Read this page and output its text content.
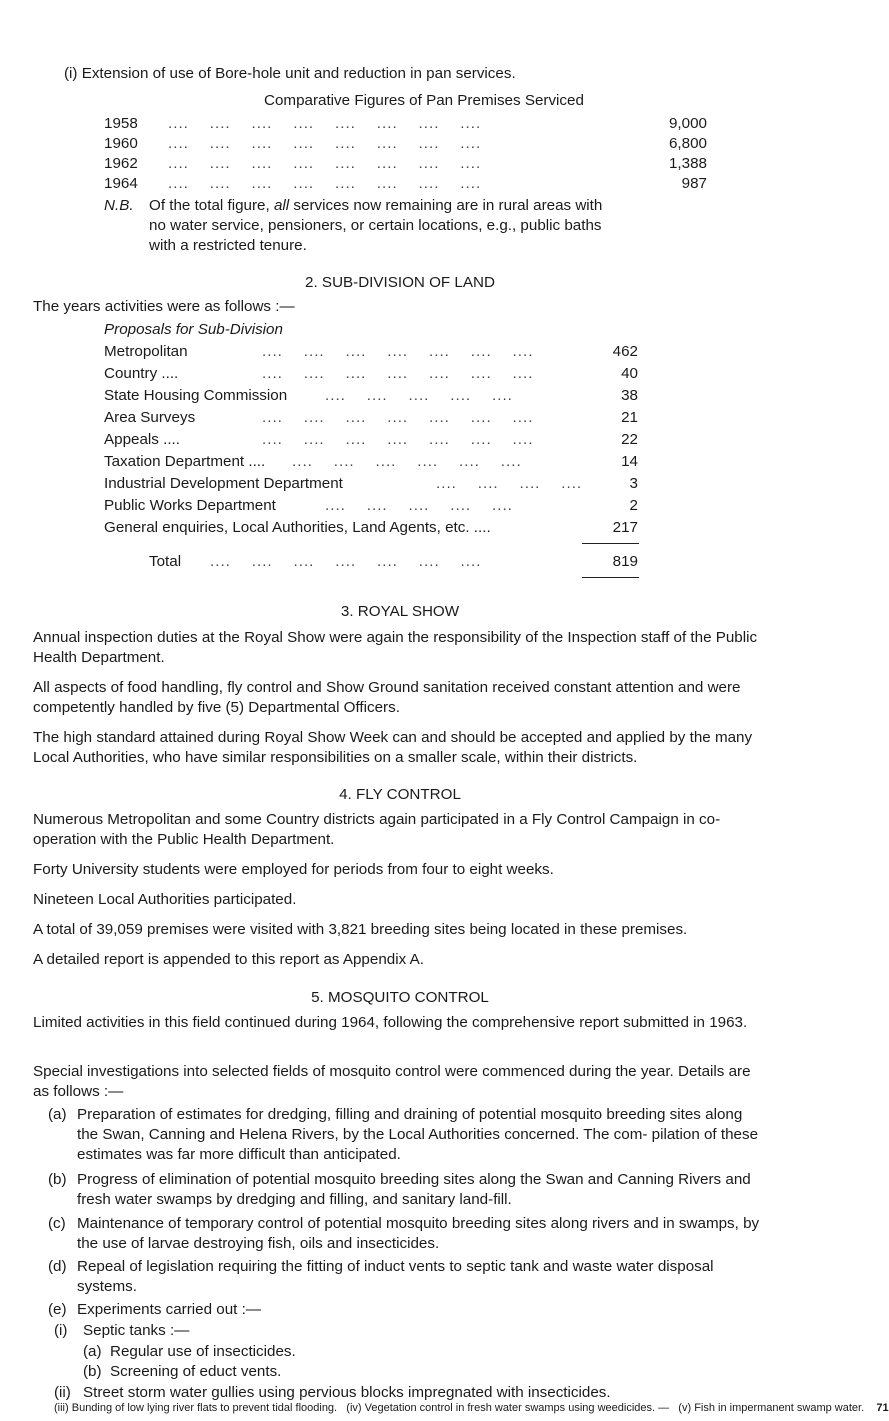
(i) Extension of use of Bore-hole unit and reduction in pan services.
Comparative Figures of Pan Premises Serviced
1958 ....    ....    ....    ....    ....    ....    ....    ....	9,000
1960 ....    ....    ....    ....    ....    ....    ....    ....	6,800
1962 ....    ....    ....    ....    ....    ....    ....    ....	1,388
1964 ....    ....    ....    ....    ....    ....    ....    ....	987
N.B. Of the total figure, all services now remaining are in rural areas with
no water service, pensioners, or certain locations, e.g., public baths
with a restricted tenure.
2. SUB-DIVISION OF LAND
The years activities were as follows :—
Proposals for Sub-Division
Metropolitan	....    ....    ....    ....    ....    ....    ....	462
Country ....	....    ....    ....    ....    ....    ....    ....	40
State Housing Commission ....    ....    ....    ....    ....	38
Area Surveys	....    ....    ....    ....    ....    ....    ....	21
Appeals ....	....    ....    ....    ....    ....    ....    ....	22
Taxation Department .... ....    ....    ....    ....    ....    ....	14
Industrial Development Department	....    ....    ....    ....	3
Public Works Department	....    ....    ....    ....    ....	2
General enquiries, Local Authorities, Land Agents, etc. ....	217
Total ....    ....    ....    ....    ....    ....    ....	819
3. ROYAL SHOW
Annual inspection duties at the Royal Show were again the responsibility of the Inspection staff of the Public Health Department.
All aspects of food handling, fly control and Show Ground sanitation received constant attention and were competently handled by five (5) Departmental Officers.
The high standard attained during Royal Show Week can and should be accepted and applied by the many Local Authorities, who have similar responsibilities on a smaller scale, within their districts.
4. FLY CONTROL
Numerous Metropolitan and some Country districts again participated in a Fly Control Campaign in co- operation with the Public Health Department.
Forty University students were employed for periods from four to eight weeks.
Nineteen Local Authorities participated.
A total of 39,059 premises were visited with 3,821 breeding sites being located in these premises.
A detailed report is appended to this report as Appendix A.
5. MOSQUITO CONTROL
Limited activities in this field continued during 1964, following the comprehensive report submitted in 1963.
Special investigations into selected fields of mosquito control were commenced during the year. Details are as follows :—
(a) Preparation of estimates for dredging, filling and draining of potential mosquito breeding sites along the Swan, Canning and Helena Rivers, by the Local Authorities concerned. The com- pilation of these estimates was far more difficult than anticipated.
(b) Progress of elimination of potential mosquito breeding sites along the Swan and Canning Rivers and fresh water swamps by dredging and filling, and sanitary land-fill.
(c) Maintenance of temporary control of potential mosquito breeding sites along rivers and in swamps, by the use of larvae destroying fish, oils and insecticides.
(d) Repeal of legislation requiring the fitting of induct vents to septic tank and waste water disposal systems.
(e) Experiments carried out :—
(i) Septic tanks :—
(a) Regular use of insecticides.
(b) Screening of educt vents.
(ii) Street storm water gullies using pervious blocks impregnated with insecticides.
(iii) Bunding of low lying river flats to prevent tidal flooding. (iv) Vegetation control in fresh water swamps using weedicides. — (v) Fish in impermanent swamp water. 71
